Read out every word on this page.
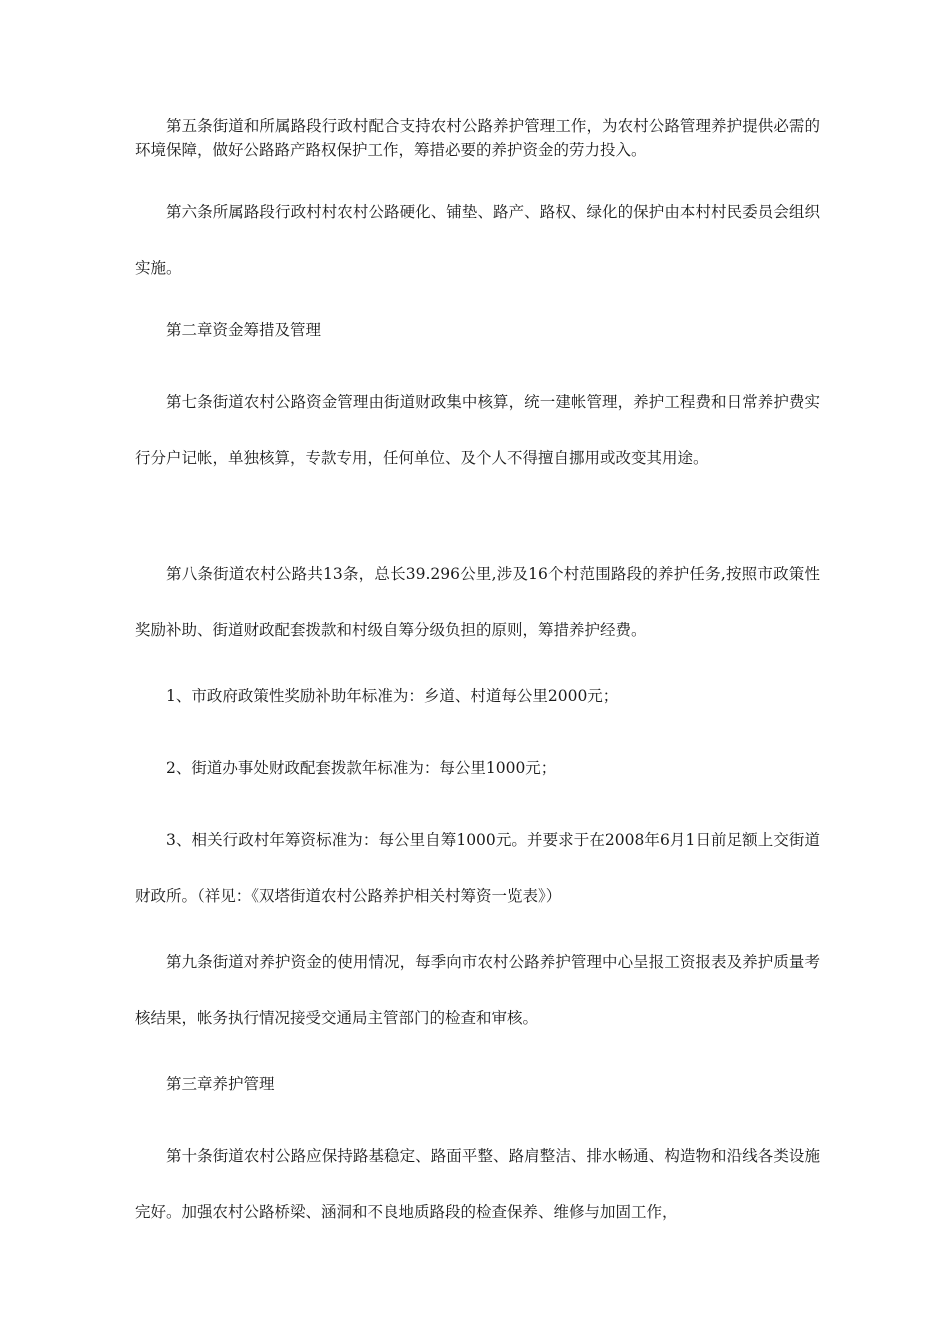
第五条街道和所属路段行政村配合支持农村公路养护管理工作，为农村公路管理养护提供必需的环境保障，做好公路路产路权保护工作，筹措必要的养护资金的劳力投入。

第六条所属路段行政村村农村公路硬化、铺垫、路产、路权、绿化的保护由本村村民委员会组织实施。

第二章资金筹措及管理

第七条街道农村公路资金管理由街道财政集中核算，统一建帐管理，养护工程费和日常养护费实行分户记帐，单独核算，专款专用，任何单位、及个人不得擅自挪用或改变其用途。

第八条街道农村公路共13条，总长39.296公里,涉及16个村范围路段的养护任务,按照市政策性奖励补助、街道财政配套拨款和村级自筹分级负担的原则，筹措养护经费。

1、市政府政策性奖励补助年标准为：乡道、村道每公里2000元；

2、街道办事处财政配套拨款年标准为：每公里1000元；

3、相关行政村年筹资标准为：每公里自筹1000元。并要求于在2008年6月1日前足额上交街道财政所。（祥见：《双塔街道农村公路养护相关村筹资一览表》）

第九条街道对养护资金的使用情况，每季向市农村公路养护管理中心呈报工资报表及养护质量考核结果，帐务执行情况接受交通局主管部门的检查和审核。

第三章养护管理

第十条街道农村公路应保持路基稳定、路面平整、路肩整洁、排水畅通、构造物和沿线各类设施完好。加强农村公路桥梁、涵洞和不良地质路段的检查保养、维修与加固工作，
